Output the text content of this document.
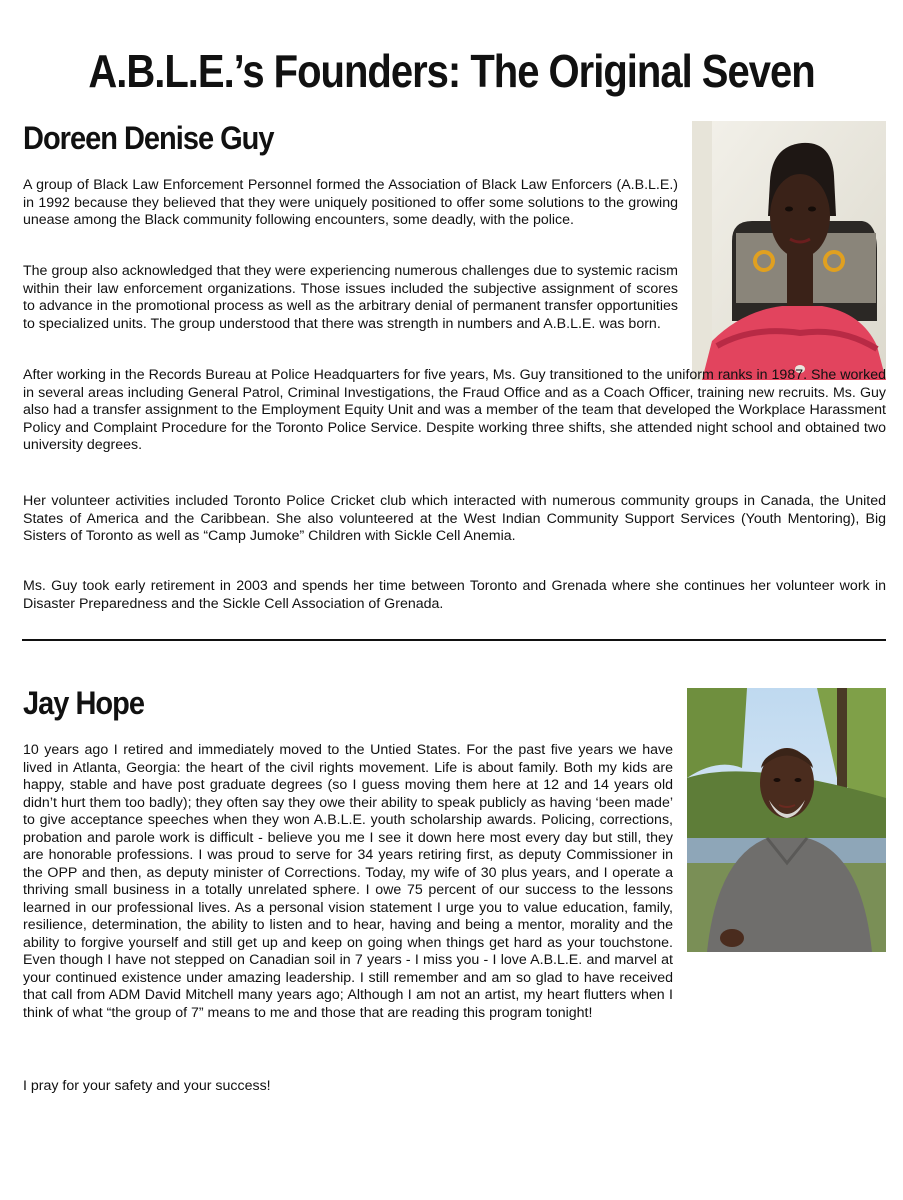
A.B.L.E.’s Founders: The Original Seven
Doreen Denise Guy

A group of Black Law Enforcement Personnel formed the Association of Black Law Enforcers (A.B.L.E.) in 1992 because they believed that they were uniquely positioned to offer some solutions to the growing unease among the Black community following encounters, some deadly, with the police.

The group also acknowledged that they were experiencing numerous challenges due to systemic racism within their law enforcement organizations. Those issues included the subjective assignment of scores to advance in the promotional process as well as the arbitrary denial of permanent transfer opportunities to specialized units. The group understood that there was strength in numbers and A.B.L.E. was born.

After working in the Records Bureau at Police Headquarters for five years, Ms. Guy transitioned to the uniform ranks in 1987. She worked in several areas including General Patrol, Criminal Investigations, the Fraud Office and as a Coach Officer, training new recruits. Ms. Guy also had a transfer assignment to the Employment Equity Unit and was a member of the team that developed the Workplace Harassment Policy and Complaint Procedure for the Toronto Police Service. Despite working three shifts, she attended night school and obtained two university degrees.

Her volunteer activities included Toronto Police Cricket club which interacted with numerous community groups in Canada, the United States of America and the Caribbean. She also volunteered at the West Indian Community Support Services (Youth Mentoring), Big Sisters of Toronto as well as “Camp Jumoke” Children with Sickle Cell Anemia.

Ms. Guy took early retirement in 2003 and spends her time between Toronto and Grenada where she continues her volunteer work in Disaster Preparedness and the Sickle Cell Association of Grenada.

Jay Hope

10 years ago I retired and immediately moved to the Untied States. For the past five years we have lived in Atlanta, Georgia: the heart of the civil rights movement. Life is about family. Both my kids are happy, stable and have post graduate degrees (so I guess moving them here at 12 and 14 years old didn’t hurt them too badly); they often say they owe their ability to speak publicly as having ‘been made’ to give acceptance speeches when they won A.B.L.E. youth scholarship awards. Policing, corrections, probation and parole work is difficult - believe you me I see it down here most every day but still, they are honorable professions. I was proud to serve for 34 years retiring first, as deputy Commissioner in the OPP and then, as deputy minister of Corrections. Today, my wife of 30 plus years, and I operate a thriving small business in a totally unrelated sphere. I owe 75 percent of our success to the lessons learned in our professional lives. As a personal vision statement I urge you to value education, family, resilience, determination, the ability to listen and to hear, having and being a mentor, morality and the ability to forgive yourself and still get up and keep on going when things get hard as your touchstone. Even though I have not stepped on Canadian soil in 7 years - I miss you - I love A.B.L.E. and marvel at your continued existence under amazing leadership. I still remember and am so glad to have received that call from ADM David Mitchell many years ago; Although I am not an artist, my heart flutters when I think of what “the group of 7” means to me and those that are reading this program tonight!

I pray for your safety and your success!
